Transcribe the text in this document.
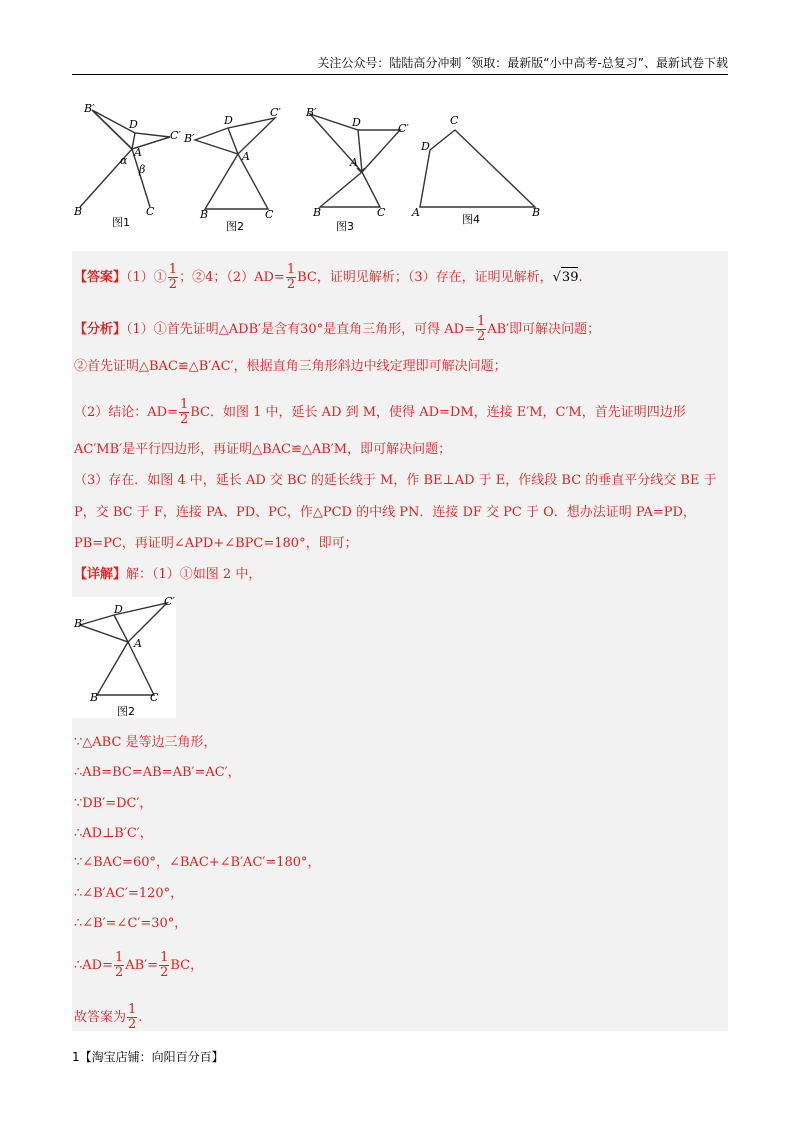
关注公众号：陆陆高分冲刺 ˜领取：最新版“小中高考-总复习”、最新试卷下载
B′
D
C′
A
α
β
B	C
B′
D
C′
A
B	C
B′
D	C′
A
B	C
C
D
A	B
图1	图2	图3
图4
【答案】（1）① $\frac{1}{2}$ ；②4；$(2)AD= \frac{1}{2}$ BC，证明见解析；（3）存在，证明见解析，√39.
【分析】（1）①首先证明△ADB′是含有30°是直角三角形，可得 $AD= \frac{1}{2} AB'$即可解决问题；
②首先证明△BAC≌△B′AC′，根据直角三角形斜边中线定理即可解决问题；
（2）结论：$AD= \frac{1}{2}$ BC．如图 1 中，延长 AD 到 M，使得 AD=DM，连接 E′M，C′M，首先证明四边形
AC′MB′是平行四边形，再证明△BAC≌△AB′M，即可解决问题；
（3）存在．如图 4 中，延长 AD 交 BC 的延长线于 M，作 BE⊥AD 于 E，作线段 BC 的垂直平分线交 BE 于
P，交 BC 于 F，连接 PA、PD、PC，作△PCD 的中线 PN．连接 DF 交 PC 于 O．想办法证明 PA=PD，
PB=PC，再证明∠APD+∠BPC=180°，即可；
【详解】解：（1）①如图 2 中，
B′
D
C′
A
B	C
图2
∵△ABC 是等边三角形，
∴AB=BC=AB=AB′=AC′，
∵DB′=DC′，
∴AD⊥B′C′，
∵∠BAC=60°，∠BAC+∠B′AC′=180°，
∴∠B′AC′=120°，
∴∠B′=∠C′=30°，
∴AD= $\frac{1}{2} AB'= \frac{1}{2}$ BC，
故答案为 $\frac{1}{2}$ .
1【淘宝店铺：向阳百分百】
